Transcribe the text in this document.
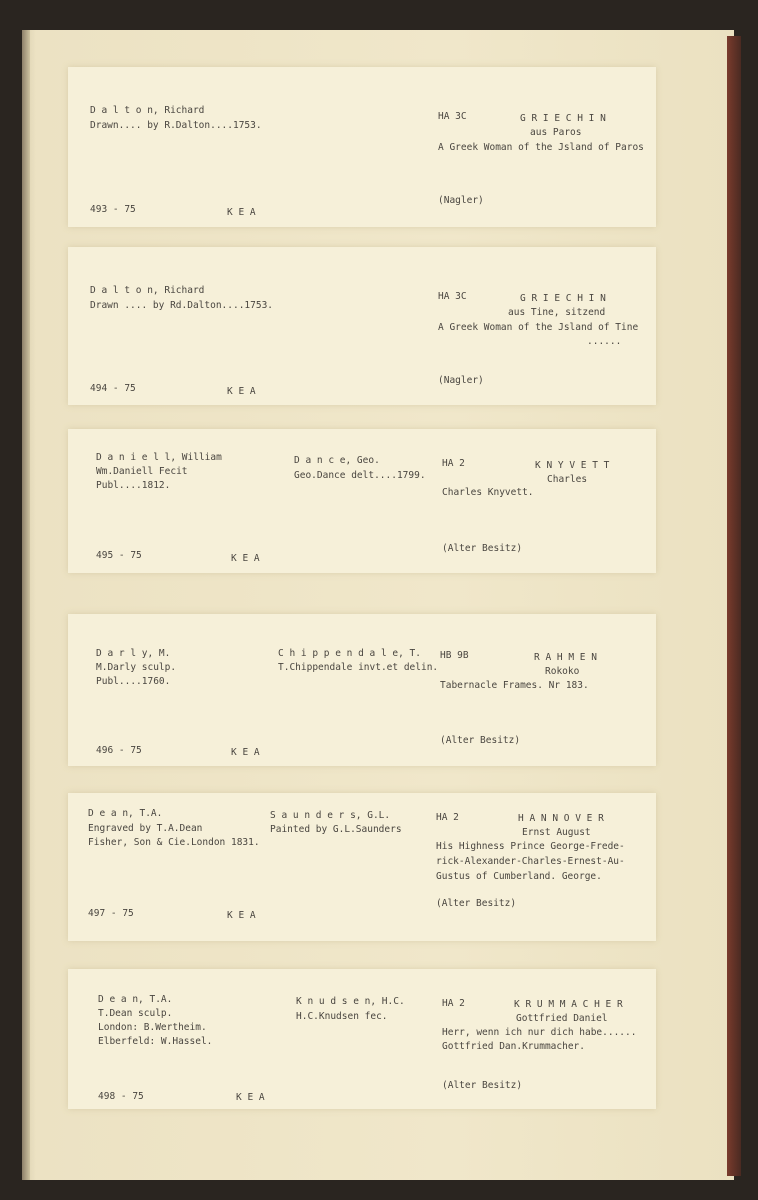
D a l t o n, Richard
Drawn.... by R.Dalton....1753.
HA 3C	G R I E C H I N
aus Paros
A Greek Woman of the Jsland of Paros
(Nagler)
493 - 75	K E A
D a l t o n, Richard
Drawn .... by Rd.Dalton....1753.
HA 3C	G R I E C H I N
aus Tine, sitzend
A Greek Woman of the Jsland of Tine
......
(Nagler)
494 - 75	K E A
D a n i e l l, William
Wm.Daniell Fecit
Publ....1812.
D a n c e, Geo.
Geo.Dance delt....1799.
HA 2	K N Y V E T T
Charles
Charles Knyvett.
(Alter Besitz)
495 - 75	K E A
D a r l y, M.
M.Darly sculp.
Publ....1760.
C h i p p e n d a l e, T.
T.Chippendale invt.et delin.
HB 9B	R A H M E N
Rokoko
Tabernacle Frames. Nr 183.
(Alter Besitz)
496 - 75	K E A
D e a n, T.A.
Engraved by T.A.Dean
Fisher, Son & Cie.London 1831.
S a u n d e r s, G.L.
Painted by G.L.Saunders
HA 2	H A N N O V E R
Ernst August
His Highness Prince George-Frede-
rick-Alexander-Charles-Ernest-Au-
Gustus of Cumberland. George.
(Alter Besitz)
497 - 75	K E A
D e a n, T.A.
T.Dean sculp.
London: B.Wertheim.
Elberfeld: W.Hassel.
K n u d s e n, H.C.
H.C.Knudsen fec.
HA 2	K R U M M A C H E R
Gottfried Daniel
Herr, wenn ich nur dich habe......
Gottfried Dan.Krummacher.
(Alter Besitz)
498 - 75	K E A
